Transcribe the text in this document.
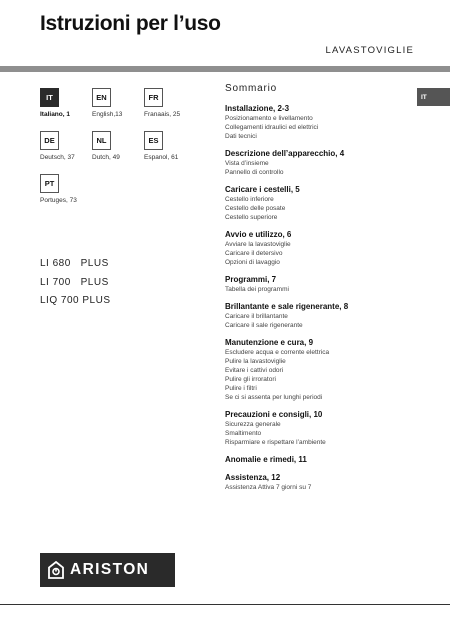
Istruzioni per l’uso
LAVASTOVIGLIE
IT
Italiano, 1
EN
English,13
FR
Franaais, 25
DE
Deutsch, 37
NL
Dutch, 49
ES
Espanol, 61
PT
Portuges, 73
LI 680   PLUS
LI 700   PLUS
LIQ 700 PLUS
ARISTON
IT
Sommario
Installazione, 2-3
Posizionamento e livellamento
Collegamenti idraulici ed elettrici
Dati tecnici
Descrizione dell’apparecchio, 4
Vista d’insieme
Pannello di controllo
Caricare i cestelli, 5
Cestello inferiore
Cestello delle posate
Cestello superiore
Avvio e utilizzo, 6
Avviare la lavastoviglie
Caricare il detersivo
Opzioni di lavaggio
Programmi, 7
Tabella dei programmi
Brillantante e sale rigenerante, 8
Caricare il brillantante
Caricare il sale rigenerante
Manutenzione e cura, 9
Escludere acqua e corrente elettrica
Pulire la lavastoviglie
Evitare i cattivi odori
Pulire gli irroratori
Pulire i filtri
Se ci si assenta per lunghi periodi
Precauzioni e consigli, 10
Sicurezza generale
Smaltimento
Risparmiare e rispettare l’ambiente
Anomalie e rimedi, 11
Assistenza, 12
Assistenza Attiva 7 giorni su 7
